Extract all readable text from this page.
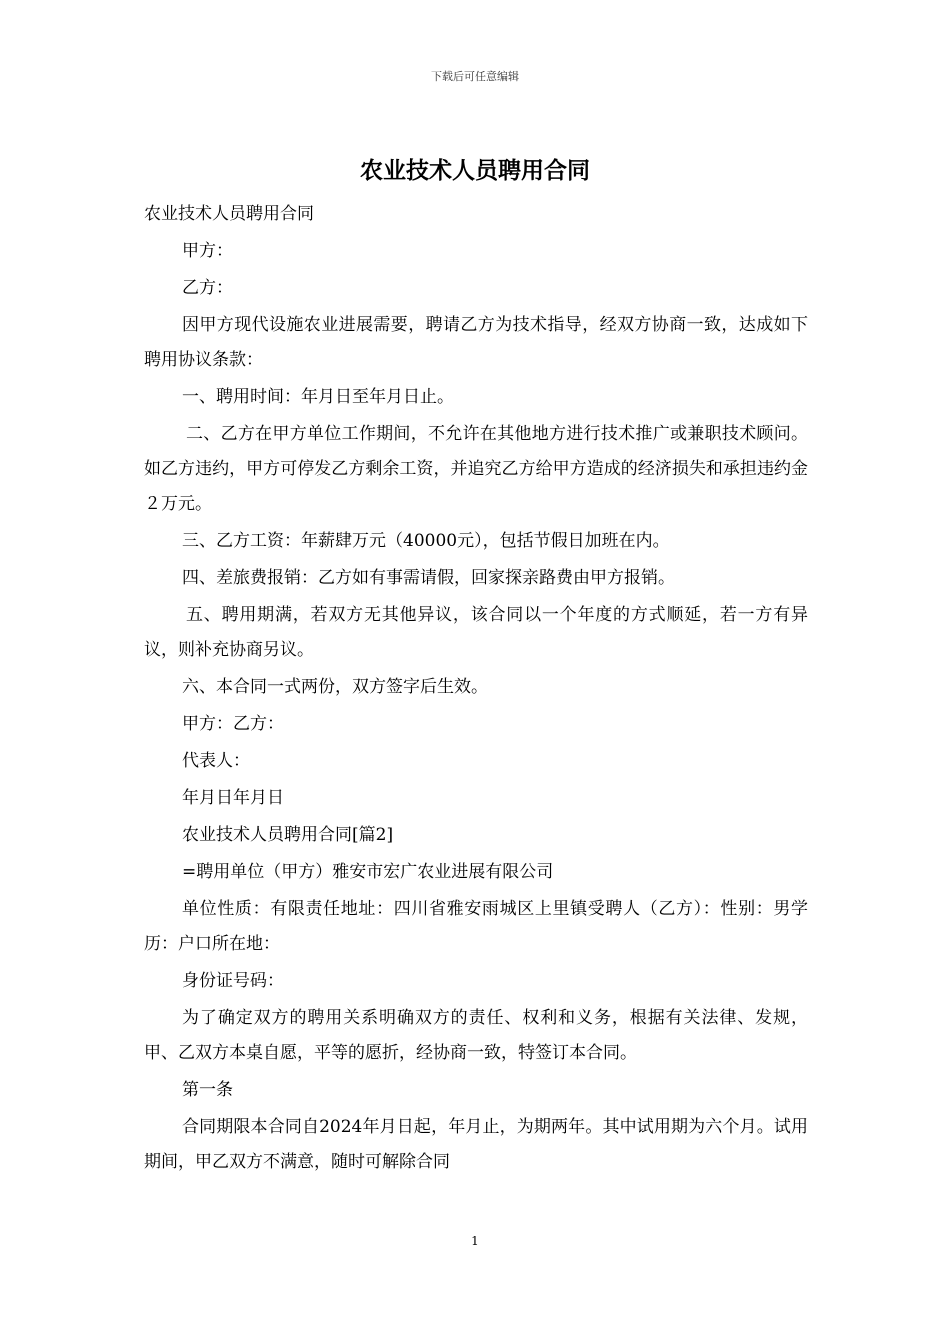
下载后可任意编辑
农业技术人员聘用合同

农业技术人员聘用合同

甲方：

乙方：

因甲方现代设施农业进展需要，聘请乙方为技术指导，经双方协商一致，达成如下聘用协议条款：

一、聘用时间：年月日至年月日止。

二、乙方在甲方单位工作期间，不允许在其他地方进行技术推广或兼职技术顾问。如乙方违约，甲方可停发乙方剩余工资，并追究乙方给甲方造成的经济损失和承担违约金２万元。

三、乙方工资：年薪肆万元（40000元），包括节假日加班在内。

四、差旅费报销：乙方如有事需请假，回家探亲路费由甲方报销。

五、聘用期满，若双方无其他异议，该合同以一个年度的方式顺延，若一方有异议，则补充协商另议。

六、本合同一式两份，双方签字后生效。

甲方：乙方：

代表人：

年月日年月日

农业技术人员聘用合同[篇2]

=聘用单位（甲方）雅安市宏广农业进展有限公司

单位性质：有限责任地址：四川省雅安雨城区上里镇受聘人（乙方）：性别：男学历：户口所在地：

身份证号码：

为了确定双方的聘用关系明确双方的责任、权利和义务，根据有关法律、发规，甲、乙双方本桌自愿，平等的愿折，经协商一致，特签订本合同。

第一条

合同期限本合同自2024年月日起，年月止，为期两年。其中试用期为六个月。试用期间，甲乙双方不满意，随时可解除合同

1
